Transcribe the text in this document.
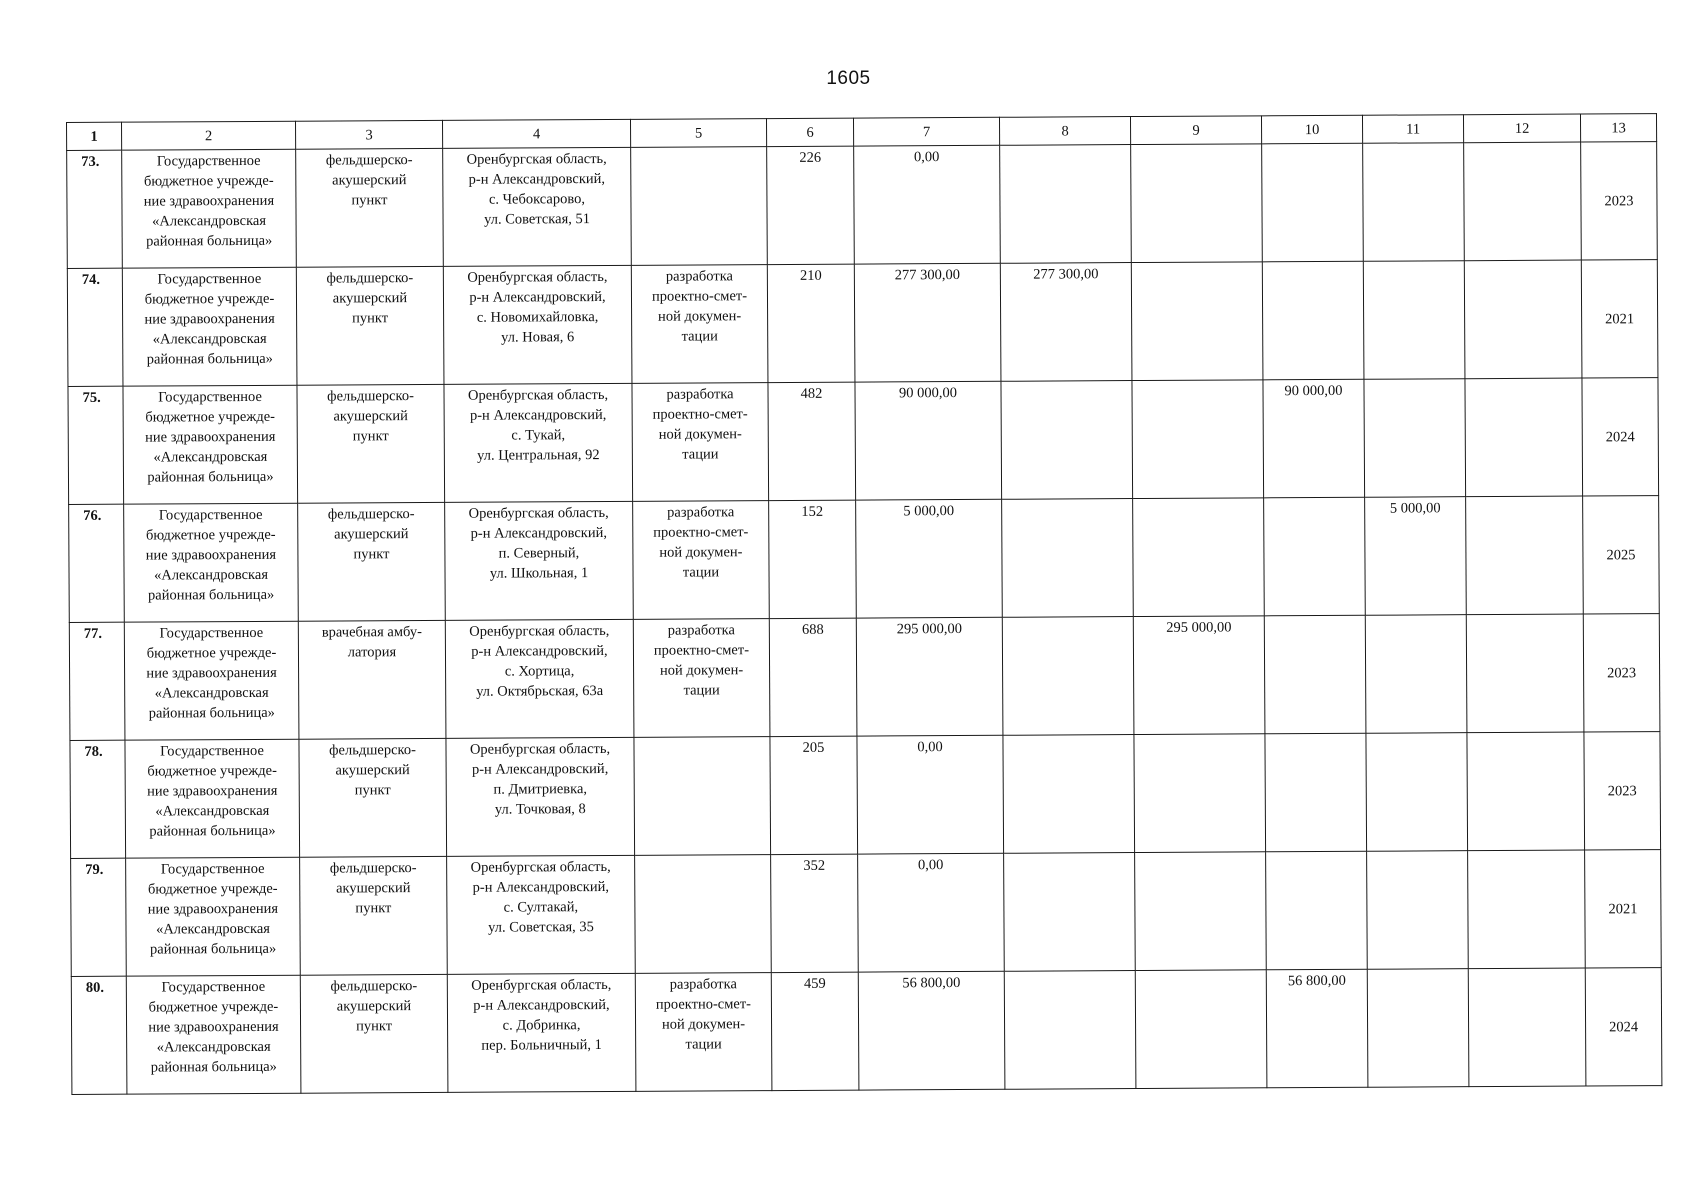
1605
1	2	3	4	5	6	7	8	9	10	11	12	13
73.	Государственное
бюджетное учрежде-
ние здравоохранения
«Александровская
районная больница»	фельдшерско-
акушерский
пункт	Оренбургская область,
р-н Александровский,
с. Чебоксарово,
ул. Советская, 51		226	0,00						2023
74.	Государственное
бюджетное учрежде-
ние здравоохранения
«Александровская
районная больница»	фельдшерско-
акушерский
пункт	Оренбургская область,
р-н Александровский,
с. Новомихайловка,
ул. Новая, 6	разработка
проектно-смет-
ной докумен-
тации	210	277 300,00	277 300,00					2021
75.	Государственное
бюджетное учрежде-
ние здравоохранения
«Александровская
районная больница»	фельдшерско-
акушерский
пункт	Оренбургская область,
р-н Александровский,
с. Тукай,
ул. Центральная, 92	разработка
проектно-смет-
ной докумен-
тации	482	90 000,00			90 000,00			2024
76.	Государственное
бюджетное учрежде-
ние здравоохранения
«Александровская
районная больница»	фельдшерско-
акушерский
пункт	Оренбургская область,
р-н Александровский,
п. Северный,
ул. Школьная, 1	разработка
проектно-смет-
ной докумен-
тации	152	5 000,00				5 000,00		2025
77.	Государственное
бюджетное учрежде-
ние здравоохранения
«Александровская
районная больница»	врачебная амбу-
латория	Оренбургская область,
р-н Александровский,
с. Хортица,
ул. Октябрьская, 63а	разработка
проектно-смет-
ной докумен-
тации	688	295 000,00		295 000,00				2023
78.	Государственное
бюджетное учрежде-
ние здравоохранения
«Александровская
районная больница»	фельдшерско-
акушерский
пункт	Оренбургская область,
р-н Александровский,
п. Дмитриевка,
ул. Точковая, 8		205	0,00						2023
79.	Государственное
бюджетное учрежде-
ние здравоохранения
«Александровская
районная больница»	фельдшерско-
акушерский
пункт	Оренбургская область,
р-н Александровский,
с. Султакай,
ул. Советская, 35		352	0,00						2021
80.	Государственное
бюджетное учрежде-
ние здравоохранения
«Александровская
районная больница»	фельдшерско-
акушерский
пункт	Оренбургская область,
р-н Александровский,
с. Добринка,
пер. Больничный, 1	разработка
проектно-смет-
ной докумен-
тации	459	56 800,00			56 800,00			2024
